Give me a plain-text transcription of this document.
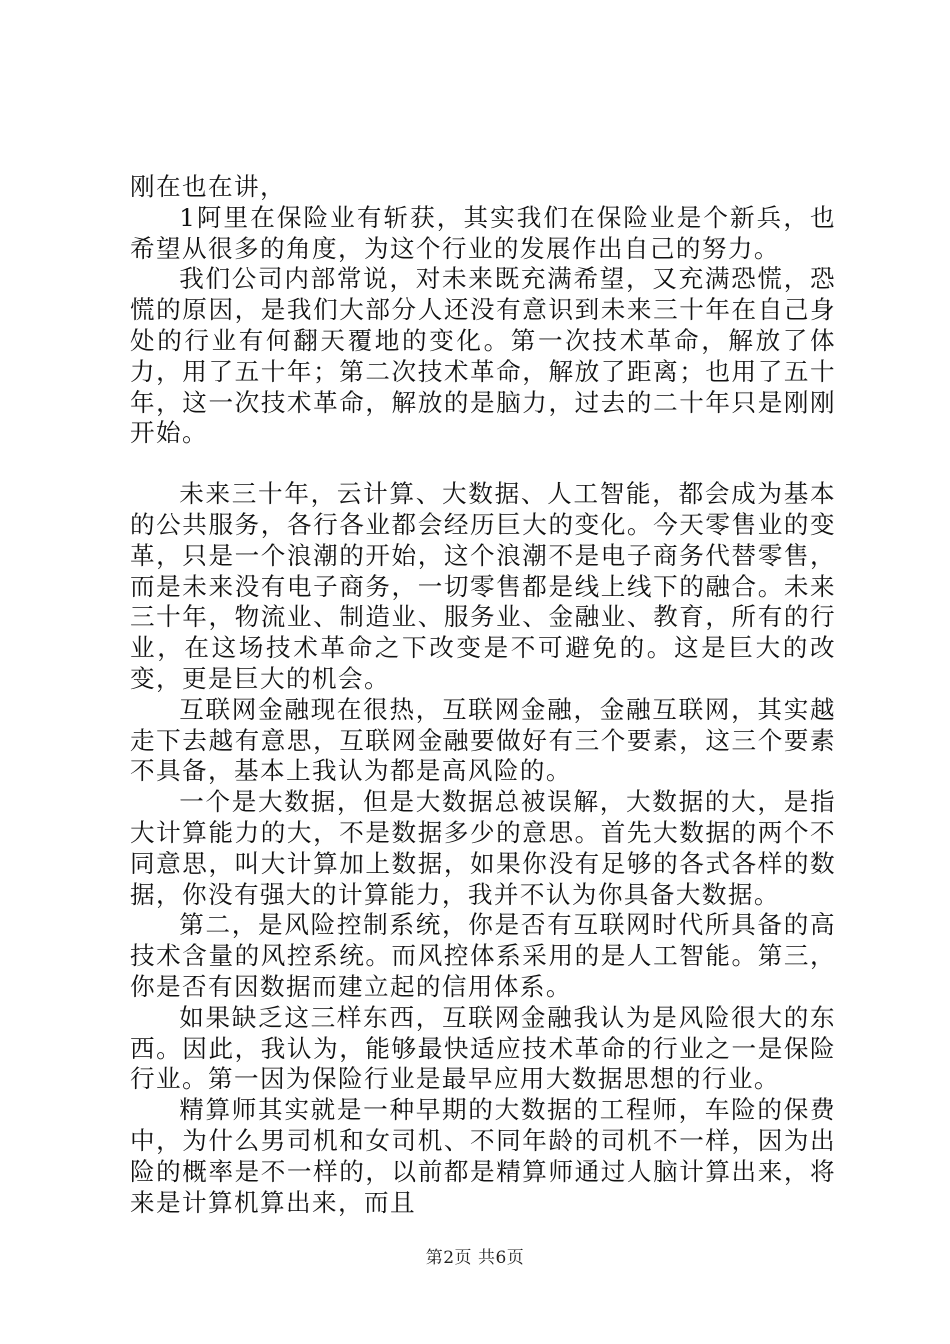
刚在也在讲，

1阿里在保险业有斩获，其实我们在保险业是个新兵，也希望从很多的角度，为这个行业的发展作出自己的努力。

我们公司内部常说，对未来既充满希望，又充满恐慌，恐慌的原因，是我们大部分人还没有意识到未来三十年在自己身处的行业有何翻天覆地的变化。第一次技术革命，解放了体力，用了五十年；第二次技术革命，解放了距离；也用了五十年，这一次技术革命，解放的是脑力，过去的二十年只是刚刚开始。

未来三十年，云计算、大数据、人工智能，都会成为基本的公共服务，各行各业都会经历巨大的变化。今天零售业的变革，只是一个浪潮的开始，这个浪潮不是电子商务代替零售，而是未来没有电子商务，一切零售都是线上线下的融合。未来三十年，物流业、制造业、服务业、金融业、教育，所有的行业，在这场技术革命之下改变是不可避免的。这是巨大的改变，更是巨大的机会。

互联网金融现在很热，互联网金融，金融互联网，其实越走下去越有意思，互联网金融要做好有三个要素，这三个要素不具备，基本上我认为都是高风险的。

一个是大数据，但是大数据总被误解，大数据的大，是指大计算能力的大，不是数据多少的意思。首先大数据的两个不同意思，叫大计算加上数据，如果你没有足够的各式各样的数据，你没有强大的计算能力，我并不认为你具备大数据。

第二，是风险控制系统，你是否有互联网时代所具备的高技术含量的风控系统。而风控体系采用的是人工智能。第三，你是否有因数据而建立起的信用体系。

如果缺乏这三样东西，互联网金融我认为是风险很大的东西。因此，我认为，能够最快适应技术革命的行业之一是保险行业。第一因为保险行业是最早应用大数据思想的行业。

精算师其实就是一种早期的大数据的工程师，车险的保费中，为什么男司机和女司机、不同年龄的司机不一样，因为出险的概率是不一样的，以前都是精算师通过人脑计算出来，将来是计算机算出来，而且

第2页 共6页
